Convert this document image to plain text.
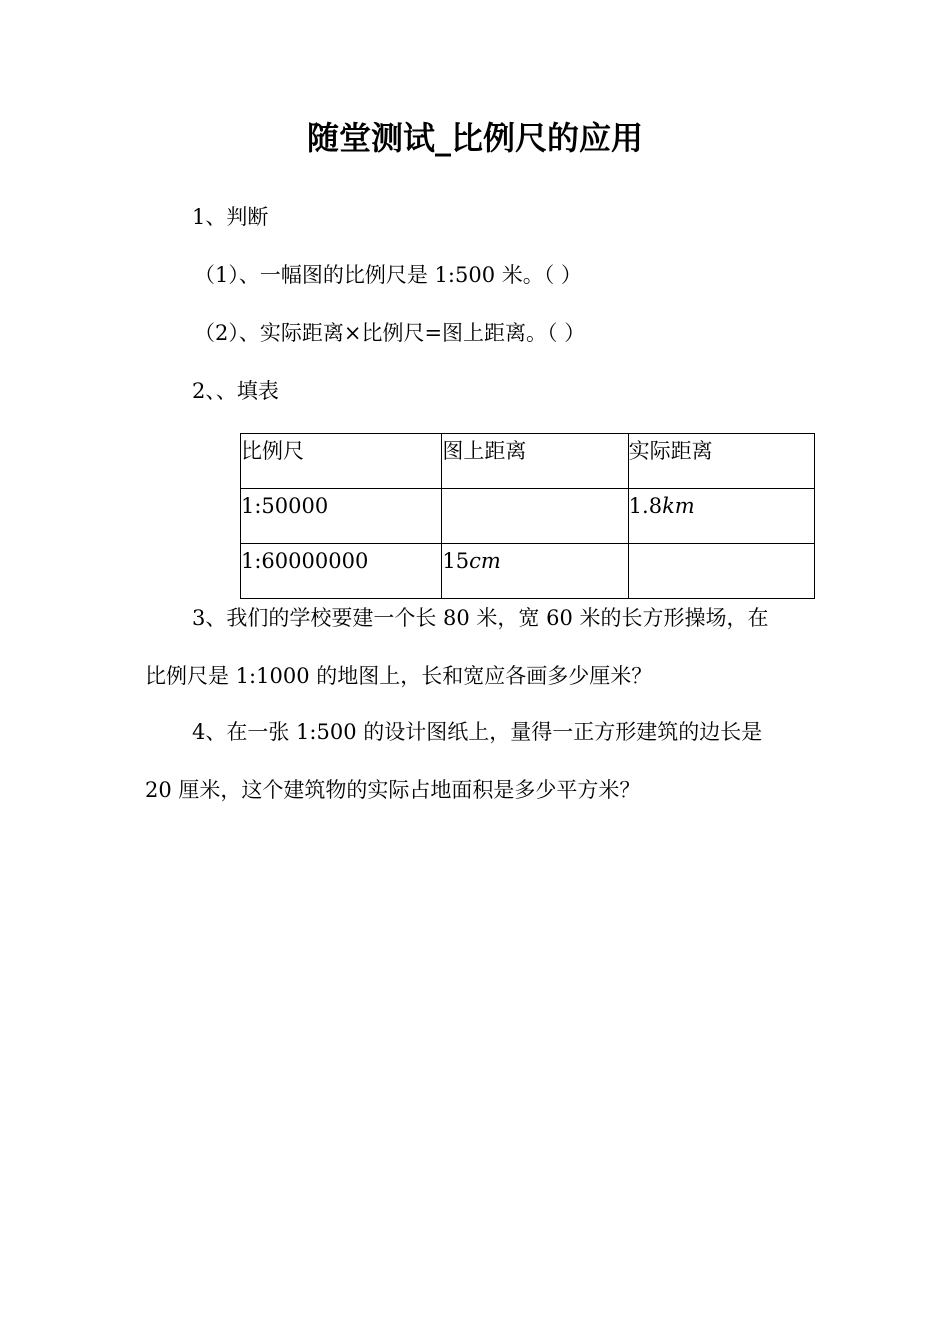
随堂测试_比例尺的应用
1、判断
（1）、一幅图的比例尺是 1:500 米。（ ）
（2）、实际距离×比例尺=图上距离。（ ）
2、、填表
比例尺	图上距离	实际距离

1:50000		1.8km

1:60000000	15cm	

3、我们的学校要建一个长 80 米，宽 60 米的长方形操场，在
比例尺是 1:1000 的地图上，长和宽应各画多少厘米？
4、在一张 1:500 的设计图纸上，量得一正方形建筑的边长是
20 厘米，这个建筑物的实际占地面积是多少平方米？
